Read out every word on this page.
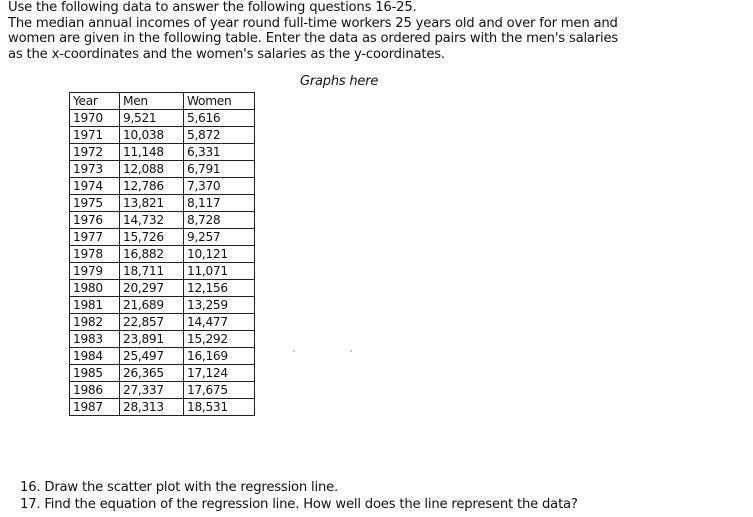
Use the following data to answer the following questions 16-25.
The median annual incomes of year round full-time workers 25 years old and over for men and
women are given in the following table. Enter the data as ordered pairs with the men's salaries
as the x-coordinates and the women's salaries as the y-coordinates.
Graphs here
Year	Men	Women
1970	9,521	5,616
1971	10,038	5,872
1972	11,148	6,331
1973	12,088	6,791
1974	12,786	7,370
1975	13,821	8,117
1976	14,732	8,728
1977	15,726	9,257
1978	16,882	10,121
1979	18,711	11,071
1980	20,297	12,156
1981	21,689	13,259
1982	22,857	14,477
1983	23,891	15,292
1984	25,497	16,169
1985	26,365	17,124
1986	27,337	17,675
1987	28,313	18,531
16. Draw the scatter plot with the regression line.
17. Find the equation of the regression line. How well does the line represent the data?
